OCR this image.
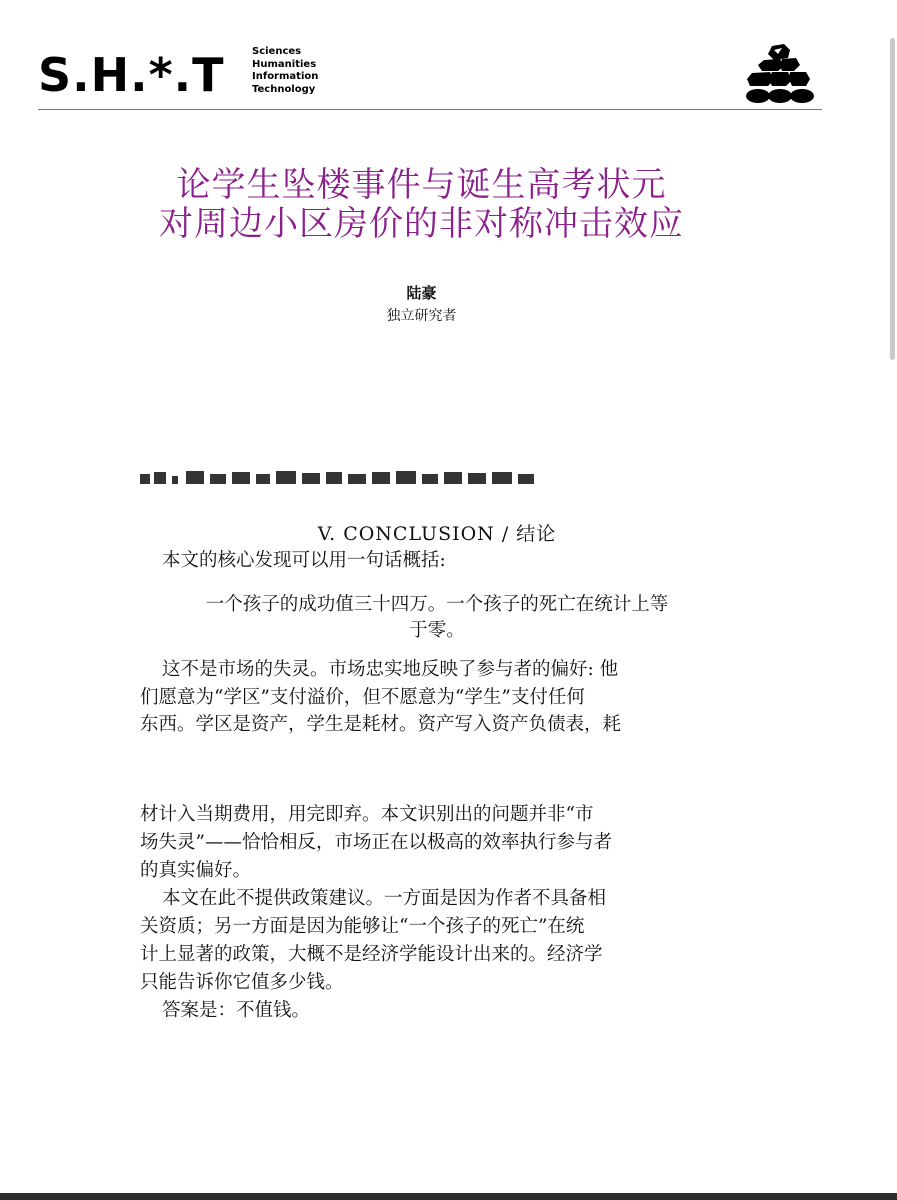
S.H.*.T	Sciences
Humanities
Information
Technology
论学生坠楼事件与诞生高考状元
对周边小区房价的非对称冲击效应
陆豪
独立研究者
V. CONCLUSION / 结论
本文的核心发现可以用一句话概括:
一个孩子的成功值三十四万。一个孩子的死亡在统计上等
于零。
这不是市场的失灵。市场忠实地反映了参与者的偏好: 他
们愿意为“学区”支付溢价，但不愿意为“学生”支付任何
东西。学区是资产，学生是耗材。资产写入资产负债表，耗
材计入当期费用，用完即弃。本文识别出的问题并非“市
场失灵”——恰恰相反，市场正在以极高的效率执行参与者
的真实偏好。
本文在此不提供政策建议。一方面是因为作者不具备相
关资质；另一方面是因为能够让“一个孩子的死亡”在统
计上显著的政策，大概不是经济学能设计出来的。经济学
只能告诉你它值多少钱。
答案是：不值钱。
